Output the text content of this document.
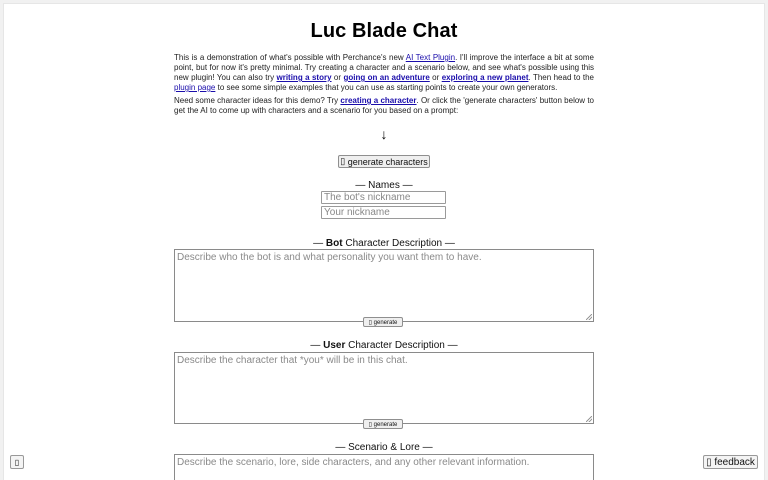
Luc Blade Chat
This is a demonstration of what's possible with Perchance's new AI Text Plugin. I'll improve the interface a bit at some point, but for now it's pretty minimal. Try creating a character and a scenario below, and see what's possible using this new plugin! You can also try writing a story or going on an adventure or exploring a new planet. Then head to the plugin page to see some simple examples that you can use as starting points to create your own generators.
Need some character ideas for this demo? Try creating a character. Or click the 'generate characters' button below to get the AI to come up with characters and a scenario for you based on a prompt:
↓
▯
generate characters
— Names —
The bot's nickname
Your nickname
— Bot Character Description —
Describe who the bot is and what personality you want them to have.
▯ generate
— User Character Description —
Describe the character that *you* will be in this chat.
▯ generate
— Scenario & Lore —
Describe the scenario, lore, side characters, and any other relevant information.
▯	▯ feedback
